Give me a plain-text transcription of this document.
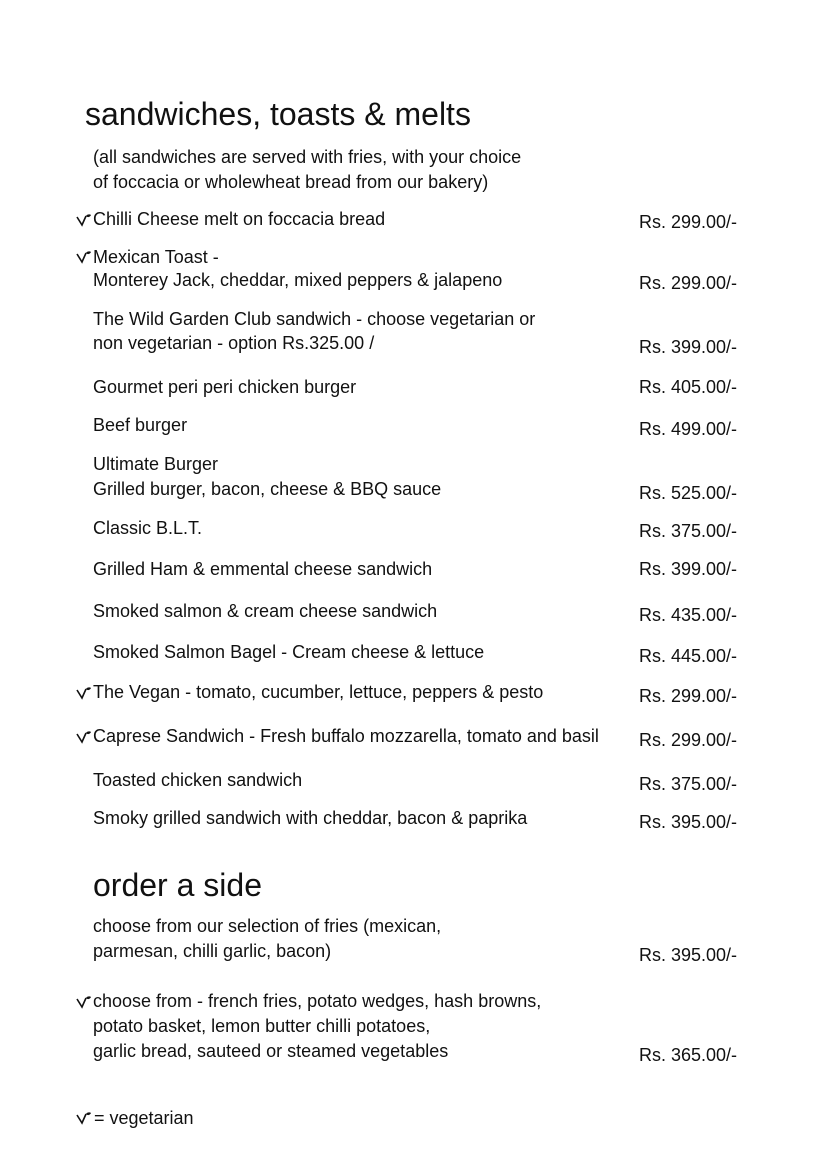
sandwiches, toasts & melts
(all sandwiches are served with fries, with your choice
of foccacia or wholewheat bread from our bakery)
Chilli Cheese melt on foccacia bread	Rs. 299.00/-
Mexican Toast -
Monterey Jack, cheddar, mixed peppers & jalapeno	Rs. 299.00/-
The Wild Garden Club sandwich - choose vegetarian or
non vegetarian - option Rs.325.00 /	Rs. 399.00/-
Gourmet peri peri chicken burger	Rs. 405.00/-
Beef burger	Rs. 499.00/-
Ultimate Burger
Grilled burger, bacon, cheese & BBQ sauce	Rs. 525.00/-
Classic B.L.T.	Rs. 375.00/-
Grilled Ham & emmental cheese sandwich	Rs. 399.00/-
Smoked salmon & cream cheese sandwich	Rs. 435.00/-
Smoked Salmon Bagel - Cream cheese & lettuce	Rs. 445.00/-
The Vegan - tomato, cucumber, lettuce, peppers & pesto	Rs. 299.00/-
Caprese Sandwich - Fresh buffalo mozzarella, tomato and basil Rs. 299.00/-
Toasted chicken sandwich	Rs. 375.00/-
Smoky grilled sandwich with cheddar, bacon & paprika	Rs. 395.00/-
order a side
choose from our selection of fries (mexican,
parmesan, chilli garlic, bacon)	Rs. 395.00/-
choose from - french fries, potato wedges, hash browns,
potato basket, lemon butter chilli potatoes,
garlic bread, sauteed or steamed vegetables	Rs. 365.00/-
= vegetarian
